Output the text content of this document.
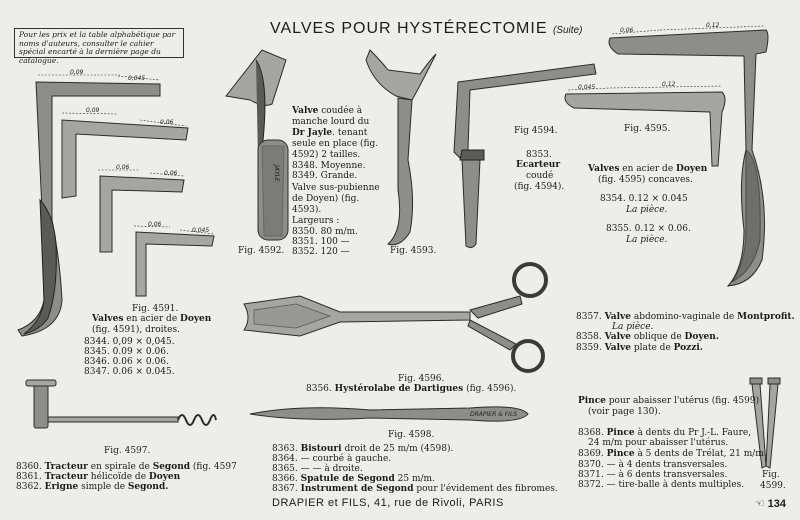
0,09
0,045
0,09
0,06
0,06
0,06
0,06
0,045
JAYLE
0,06
0,12
0,045	0,12
DRAPIER & FILS
VALVES POUR HYSTÉRECTOMIE (Suite)
Pour les prix et la table alphabétique par noms d'auteurs, consulter le cahier spécial encarté à la dernière page du catalogue.
Fig. 4591.
Valves en acier de Doyen
(fig. 4591), droites.
8344. 0,09 × 0,045.
8345. 0.09 × 0.06.
8346. 0.06 × 0.06.
8347. 0.06 × 0.045.
Fig. 4592.
Valve coudée à
manche lourd du
Dr Jayle. tenant
seule en place (fig.
4592) 2 tailles.
8348. Moyenne.
8349. Grande.
Valve sus-pubienne
de Doyen) (fig.
4593).
Largeurs :
8350. 80 m/m.
8351. 100 —
8352. 120 —	Fig. 4593.
Fig 4594.
8353.
Ecarteur
coudé
(fig. 4594).
Fig. 4595.
Valves en acier de Doyen
(fig. 4595) concaves.
8354. 0.12 × 0.045
La pièce.
8355. 0.12 × 0.06.
La pièce.
Fig. 4596.
8356. Hystérolabe de Dartigues (fig. 4596).
8357. Valve abdomino-vaginale de Montprofit.
La pièce.
8358. Valve oblique de Doyen.
8359. Valve plate de Pozzi.
Fig. 4597.
8360. Tracteur en spirale de Segond (fig. 4597
8361. Tracteur hélicoïde de Doyen
8362. Erigne simple de Segond.
Fig. 4598.
8363. Bistouri droit de 25 m/m (4598).
8364. — courbé à gauche.
8365. — — à droite.
8366. Spatule de Segond 25 m/m.
8367. Instrument de Segond pour l'évidement des fibromes.
Pince pour abaisser l'utérus (fig. 4599)
(voir page 130).
8368. Pince à dents du Pr J.-L. Faure,
24 m/m pour abaisser l'utérus.
8369. Pince à 5 dents de Trélat, 21 m/m.
8370. — à 4 dents transversales.
8371. — à 6 dents transversales.
8372. — tire-balle à dents multiples.
Fig.
4599.
DRAPIER et FILS, 41, rue de Rivoli, PARIS	☜ 134
